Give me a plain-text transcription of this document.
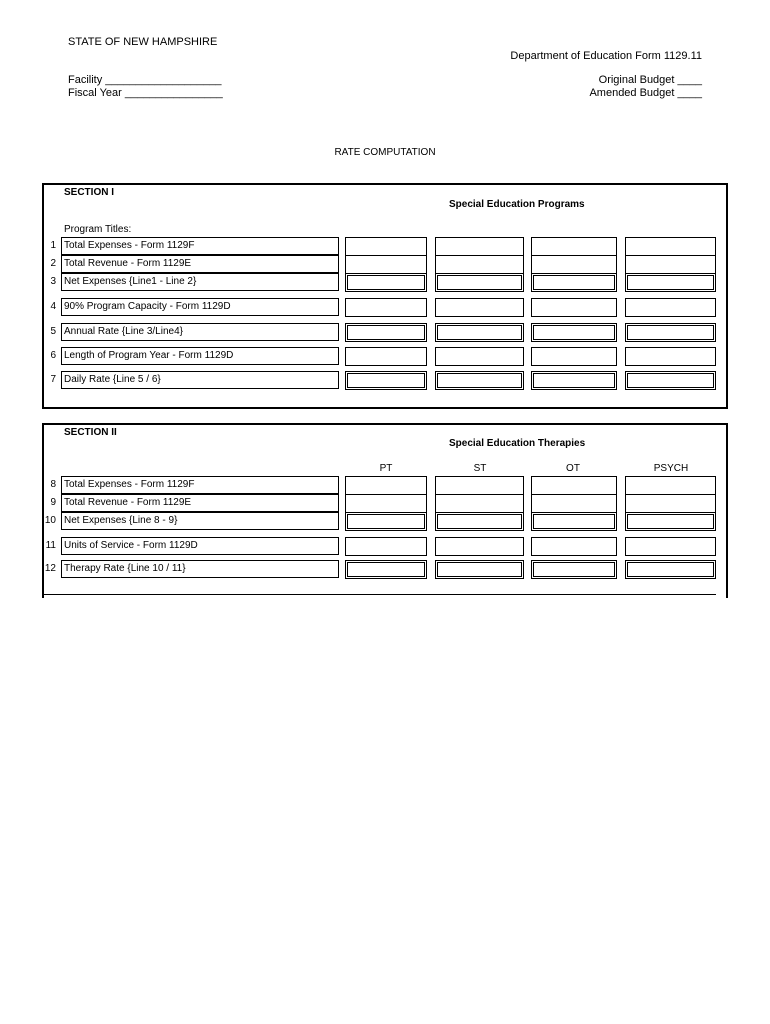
STATE OF NEW HAMPSHIRE
Department of Education Form 1129.11
Facility ___________________
Fiscal Year ________________
Original Budget ____
Amended Budget ____
RATE COMPUTATION
SECTION I
Special Education Programs
Program Titles:
1 Total Expenses - Form 1129F
2 Total Revenue - Form 1129E
3 Net Expenses {Line1 - Line 2}
4 90% Program Capacity - Form 1129D
5 Annual Rate {Line 3/Line4}
6 Length of Program Year - Form 1129D
7 Daily Rate {Line 5 / 6}
SECTION II
Special Education Therapies
PT	ST	OT	PSYCH
8 Total Expenses - Form 1129F
9 Total Revenue - Form 1129E
10 Net Expenses {Line 8 - 9}
11 Units of Service - Form 1129D
12 Therapy Rate {Line 10 / 11}
